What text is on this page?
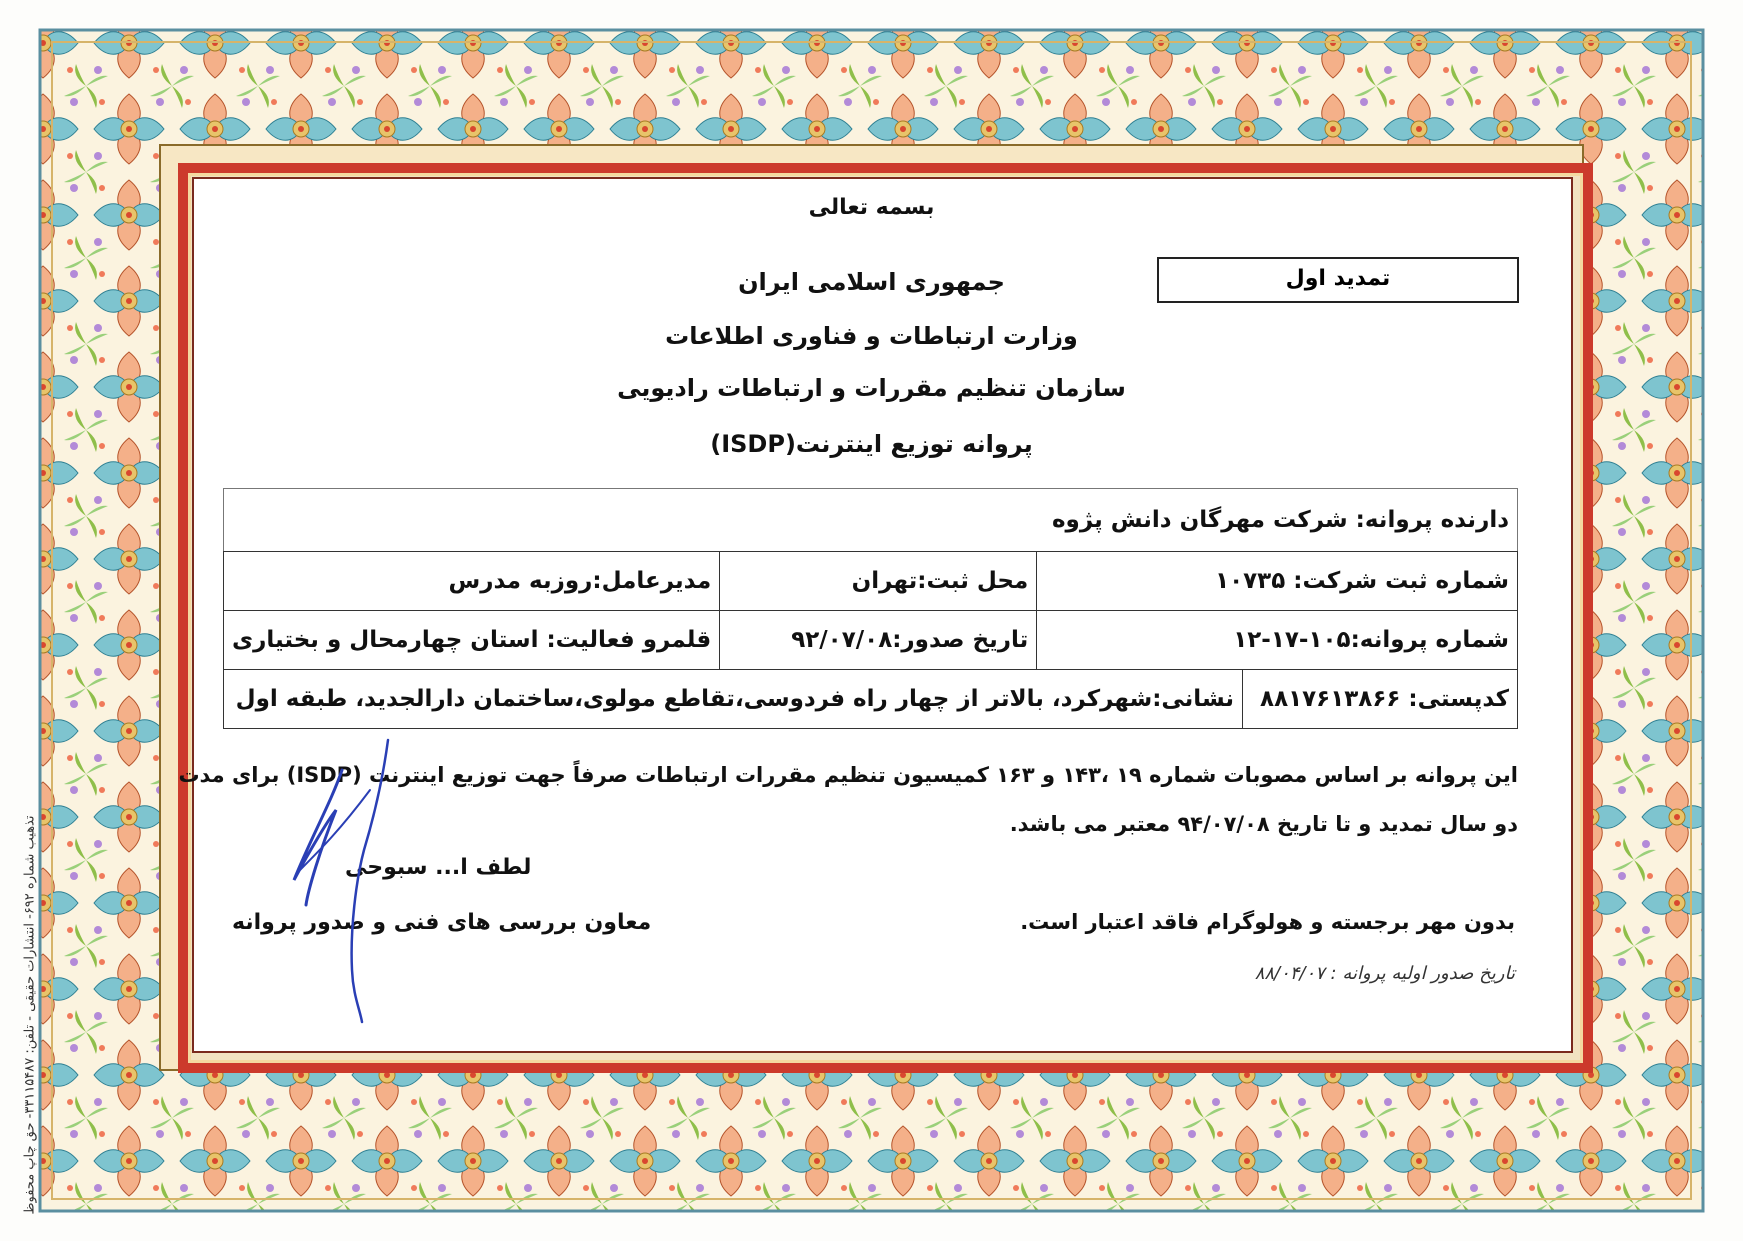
بسمه تعالی
تمدید اول
جمهوری اسلامی ایران
وزارت ارتباطات و فناوری اطلاعات
سازمان تنظیم مقررات و ارتباطات رادیویی
پروانه توزیع اینترنت(ISDP)
دارنده پروانه: شرکت مهرگان دانش پژوه			
مدیرعامل:روزبه مدرس	محل ثبت:تهران	شماره ثبت شرکت: ۱۰۷۳۵	
قلمرو فعالیت: استان چهارمحال و بختیاری	تاریخ صدور:۹۲/۰۷/۰۸	شماره پروانه:۱۰۵-۱۷-۱۲	
نشانی:شهرکرد، بالاتر از چهار راه فردوسی،تقاطع مولوی،ساختمان دارالجدید، طبقه اول			کدپستی: ۸۸۱۷۶۱۳۸۶۶
این پروانه بر اساس مصوبات شماره ۱۹ ،۱۴۳ و ۱۶۳ کمیسیون تنظیم مقررات ارتباطات صرفاً جهت توزیع اینترنت (ISDP) برای مدت
دو سال تمدید و تا تاریخ ۹۴/۰۷/۰۸ معتبر می باشد.
لطف ا... سبوحی
معاون بررسی های فنی و صدور پروانه	بدون مهر برجسته و هولوگرام فاقد اعتبار است.
تاریخ صدور اولیه پروانه : ۸۸/۰۴/۰۷
تذهیب شماره ۶۹۲- انتشارات حقیقی - تلفن: ۳۳۱۱۵۴۸۷- حق چاپ محفوظ
